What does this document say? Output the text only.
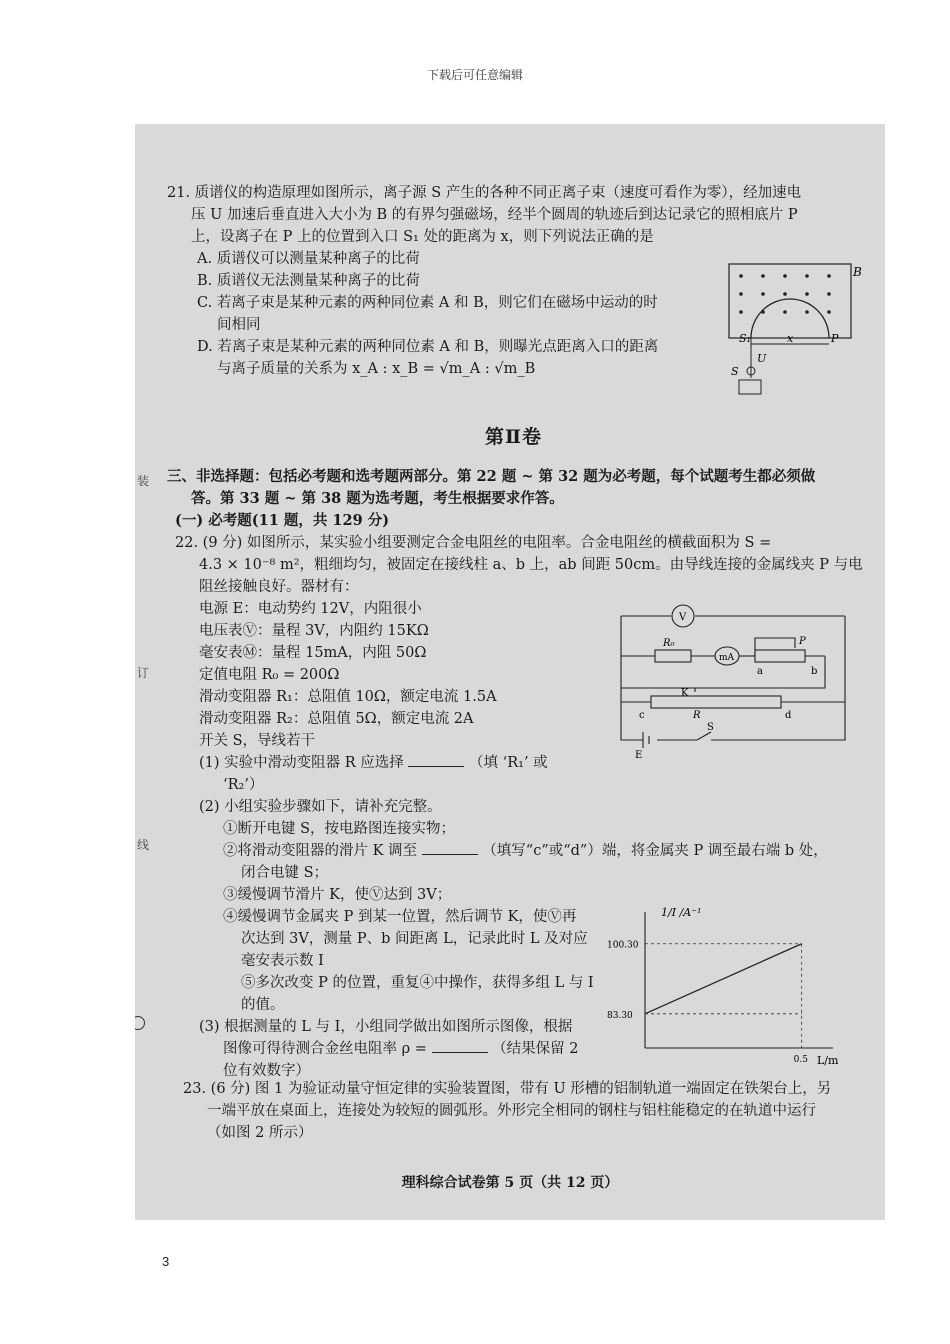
下载后可任意编辑
装
订
线
21. 质谱仪的构造原理如图所示，离子源 S 产生的各种不同正离子束（速度可看作为零），经加速电
压 U 加速后垂直进入大小为 B 的有界匀强磁场，经半个圆周的轨迹后到达记录它的照相底片 P
上，设离子在 P 上的位置到入口 S₁ 处的距离为 x，则下列说法正确的是
A. 质谱仪可以测量某种离子的比荷
B. 质谱仪无法测量某种离子的比荷
C. 若离子束是某种元素的两种同位素 A 和 B，则它们在磁场中运动的时
间相同
D. 若离子束是某种元素的两种同位素 A 和 B，则曝光点距离入口的距离
与离子质量的关系为 x_A : x_B = √m_A : √m_B
B
S₁	x	P
U
S
第Ⅱ卷
三、非选择题：包括必考题和选考题两部分。第 22 题 ~ 第 32 题为必考题，每个试题考生都必须做
答。第 33 题 ~ 第 38 题为选考题，考生根据要求作答。
(一) 必考题(11 题，共 129 分)
22. (9 分) 如图所示，某实验小组要测定合金电阻丝的电阻率。合金电阻丝的横截面积为 S =
4.3 × 10⁻⁸ m²，粗细均匀，被固定在接线柱 a、b 上，ab 间距 50cm。由导线连接的金属线夹 P 与电
阻丝接触良好。器材有：
电源 E：电动势约 12V，内阻很小
电压表Ⓥ：量程 3V，内阻约 15KΩ
毫安表Ⓜ：量程 15mA，内阻 50Ω
定值电阻 R₀ = 200Ω
滑动变阻器 R₁：总阻值 10Ω，额定电流 1.5A
滑动变阻器 R₂：总阻值 5Ω，额定电流 2A
开关 S，导线若干
(1) 实验中滑动变阻器 R 应选择	（填 ‘R₁’ 或
‘R₂’）
(2) 小组实验步骤如下，请补充完整。
①断开电键 S，按电路图连接实物；
②将滑动变阻器的滑片 K 调至	（填写“c”或“d”）端，将金属夹 P 调至最右端 b 处，
闭合电键 S；
③缓慢调节滑片 K，使Ⓥ达到 3V；
④缓慢调节金属夹 P 到某一位置，然后调节 K，使Ⓥ再
次达到 3V，测量 P、b 间距离 L，记录此时 L 及对应
毫安表示数 I
⑤多次改变 P 的位置，重复④中操作，获得多组 L 与 I
的值。
(3) 根据测量的 L 与 I，小组同学做出如图所示图像，根据
图像可得待测合金丝电阻率 ρ =	（结果保留 2
位有效数字）
V
R₀
mA
P
a	b
K
c	R	d
E
S
1/I /A⁻¹
L/m
100.30
83.30
0.5
23. (6 分) 图 1 为验证动量守恒定律的实验装置图，带有 U 形槽的铝制轨道一端固定在铁架台上，另
一端平放在桌面上，连接处为较短的圆弧形。外形完全相同的钢柱与铝柱能稳定的在轨道中运行
（如图 2 所示）
理科综合试卷第 5 页（共 12 页）
3
